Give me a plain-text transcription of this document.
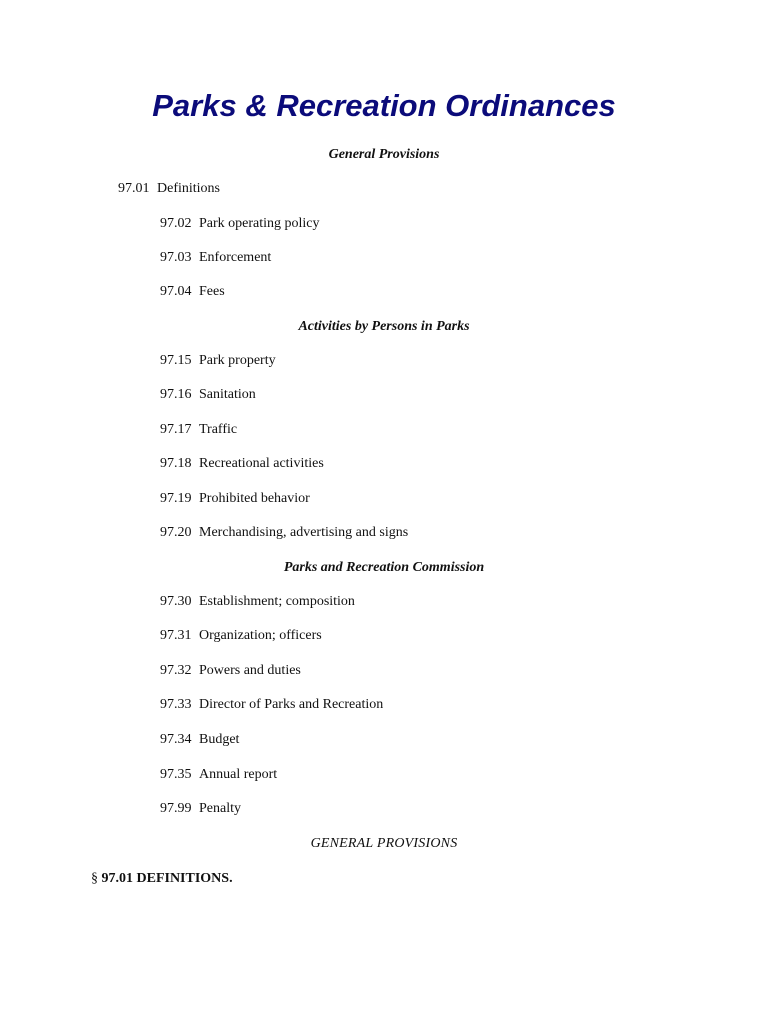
Parks & Recreation Ordinances
General Provisions
97.01 Definitions
97.02 Park operating policy
97.03 Enforcement
97.04 Fees
Activities by Persons in Parks
97.15 Park property
97.16 Sanitation
97.17 Traffic
97.18 Recreational activities
97.19 Prohibited behavior
97.20 Merchandising, advertising and signs
Parks and Recreation Commission
97.30 Establishment; composition
97.31 Organization; officers
97.32 Powers and duties
97.33 Director of Parks and Recreation
97.34 Budget
97.35 Annual report
97.99 Penalty
GENERAL PROVISIONS
§ 97.01 DEFINITIONS.
